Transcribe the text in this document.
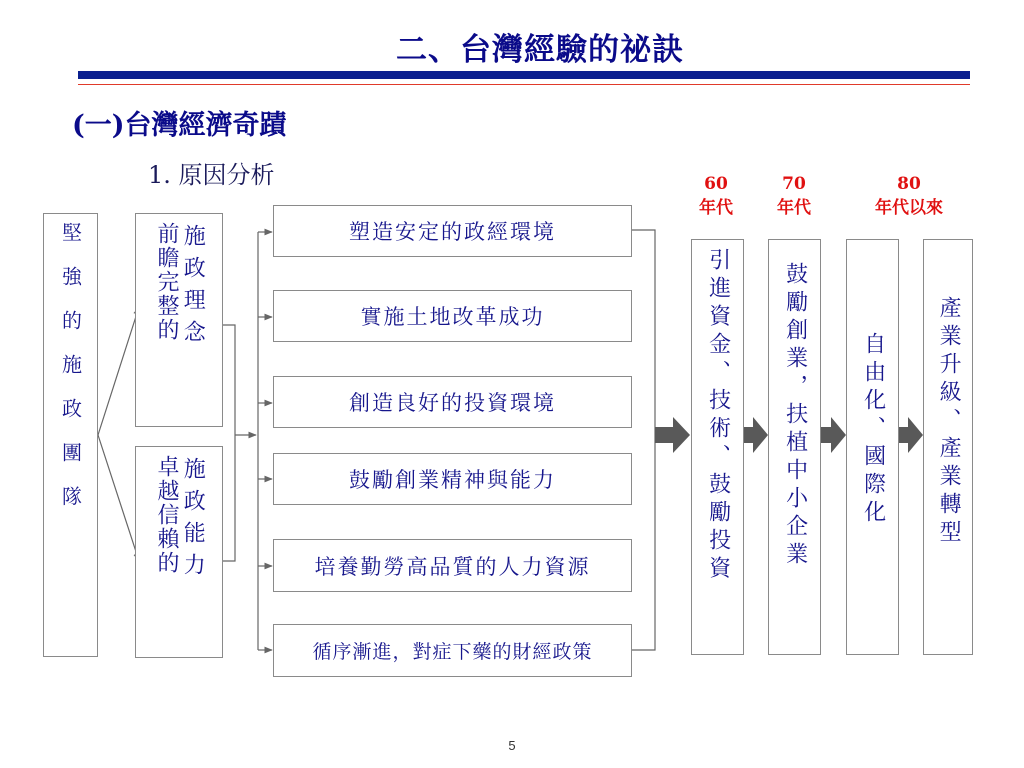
二、台灣經驗的祕訣
(一)台灣經濟奇蹟
1. 原因分析
堅強的施政團隊	施政理念
前瞻完整的
施政能力
卓越信賴的
塑造安定的政經環境
實施土地改革成功
創造良好的投資環境
鼓勵創業精神與能力
培養勤勞高品質的人力資源
循序漸進，對症下藥的財經政策
60
年代
70
年代
80
年代以來
引進資金、技術、鼓勵投資 鼓勵創業，扶植中小企業 自由化、國際化 產業升級、產業轉型
5
